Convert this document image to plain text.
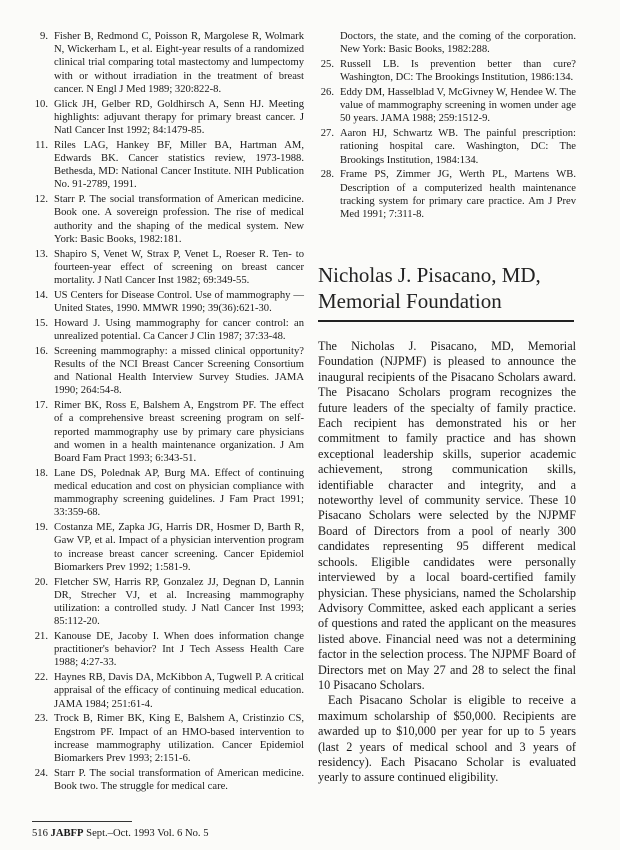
9. Fisher B, Redmond C, Poisson R, Margolese R, Wolmark N, Wickerham L, et al. Eight-year results of a randomized clinical trial comparing total mastectomy and lumpectomy with or without irradiation in the treatment of breast cancer. N Engl J Med 1989; 320:822-8.
10. Glick JH, Gelber RD, Goldhirsch A, Senn HJ. Meeting highlights: adjuvant therapy for primary breast cancer. J Natl Cancer Inst 1992; 84:1479-85.
11. Riles LAG, Hankey BF, Miller BA, Hartman AM, Edwards BK. Cancer statistics review, 1973-1988. Bethesda, MD: National Cancer Institute. NIH Publication No. 91-2789, 1991.
12. Starr P. The social transformation of American medicine. Book one. A sovereign profession. The rise of medical authority and the shaping of the medical system. New York: Basic Books, 1982:181.
13. Shapiro S, Venet W, Strax P, Venet L, Roeser R. Ten- to fourteen-year effect of screening on breast cancer mortality. J Natl Cancer Inst 1982; 69:349-55.
14. US Centers for Disease Control. Use of mammography — United States, 1990. MMWR 1990; 39(36):621-30.
15. Howard J. Using mammography for cancer control: an unrealized potential. Ca Cancer J Clin 1987; 37:33-48.
16. Screening mammography: a missed clinical opportunity? Results of the NCI Breast Cancer Screening Consortium and National Health Interview Survey Studies. JAMA 1990; 264:54-8.
17. Rimer BK, Ross E, Balshem A, Engstrom PF. The effect of a comprehensive breast screening program on self-reported mammography use by primary care physicians and women in a health maintenance organization. J Am Board Fam Pract 1993; 6:343-51.
18. Lane DS, Polednak AP, Burg MA. Effect of continuing medical education and cost on physician compliance with mammography screening guidelines. J Fam Pract 1991; 33:359-68.
19. Costanza ME, Zapka JG, Harris DR, Hosmer D, Barth R, Gaw VP, et al. Impact of a physician intervention program to increase breast cancer screening. Cancer Epidemiol Biomarkers Prev 1992; 1:581-9.
20. Fletcher SW, Harris RP, Gonzalez JJ, Degnan D, Lannin DR, Strecher VJ, et al. Increasing mammography utilization: a controlled study. J Natl Cancer Inst 1993; 85:112-20.
21. Kanouse DE, Jacoby I. When does information change practitioner's behavior? Int J Tech Assess Health Care 1988; 4:27-33.
22. Haynes RB, Davis DA, McKibbon A, Tugwell P. A critical appraisal of the efficacy of continuing medical education. JAMA 1984; 251:61-4.
23. Trock B, Rimer BK, King E, Balshem A, Cristinzio CS, Engstrom PF. Impact of an HMO-based intervention to increase mammography utilization. Cancer Epidemiol Biomarkers Prev 1993; 2:151-6.
24. Starr P. The social transformation of American medicine. Book two. The struggle for medical care.
Doctors, the state, and the coming of the corporation. New York: Basic Books, 1982:288.
25. Russell LB. Is prevention better than cure? Washington, DC: The Brookings Institution, 1986:134.
26. Eddy DM, Hasselblad V, McGivney W, Hendee W. The value of mammography screening in women under age 50 years. JAMA 1988; 259:1512-9.
27. Aaron HJ, Schwartz WB. The painful prescription: rationing hospital care. Washington, DC: The Brookings Institution, 1984:134.
28. Frame PS, Zimmer JG, Werth PL, Martens WB. Description of a computerized health maintenance tracking system for primary care practice. Am J Prev Med 1991; 7:311-8.
Nicholas J. Pisacano, MD,
Memorial Foundation

The Nicholas J. Pisacano, MD, Memorial Foundation (NJPMF) is pleased to announce the inaugural recipients of the Pisacano Scholars award. The Pisacano Scholars program recognizes the future leaders of the specialty of family practice. Each recipient has demonstrated his or her commitment to family practice and has shown exceptional leadership skills, superior academic achievement, strong communication skills, identifiable character and integrity, and a noteworthy level of community service. These 10 Pisacano Scholars were selected by the NJPMF Board of Directors from a pool of nearly 300 candidates representing 95 different medical schools. Eligible candidates were personally interviewed by a local board-certified family physician. These physicians, named the Scholarship Advisory Committee, asked each applicant a series of questions and rated the applicant on the measures listed above. Financial need was not a determining factor in the selection process. The NJPMF Board of Directors met on May 27 and 28 to select the final 10 Pisacano Scholars.

Each Pisacano Scholar is eligible to receive a maximum scholarship of $50,000. Recipients are awarded up to $10,000 per year for up to 5 years (last 2 years of medical school and 3 years of residency). Each Pisacano Scholar is evaluated yearly to assure continued eligibility.

516 JABFP Sept.–Oct. 1993 Vol. 6 No. 5
